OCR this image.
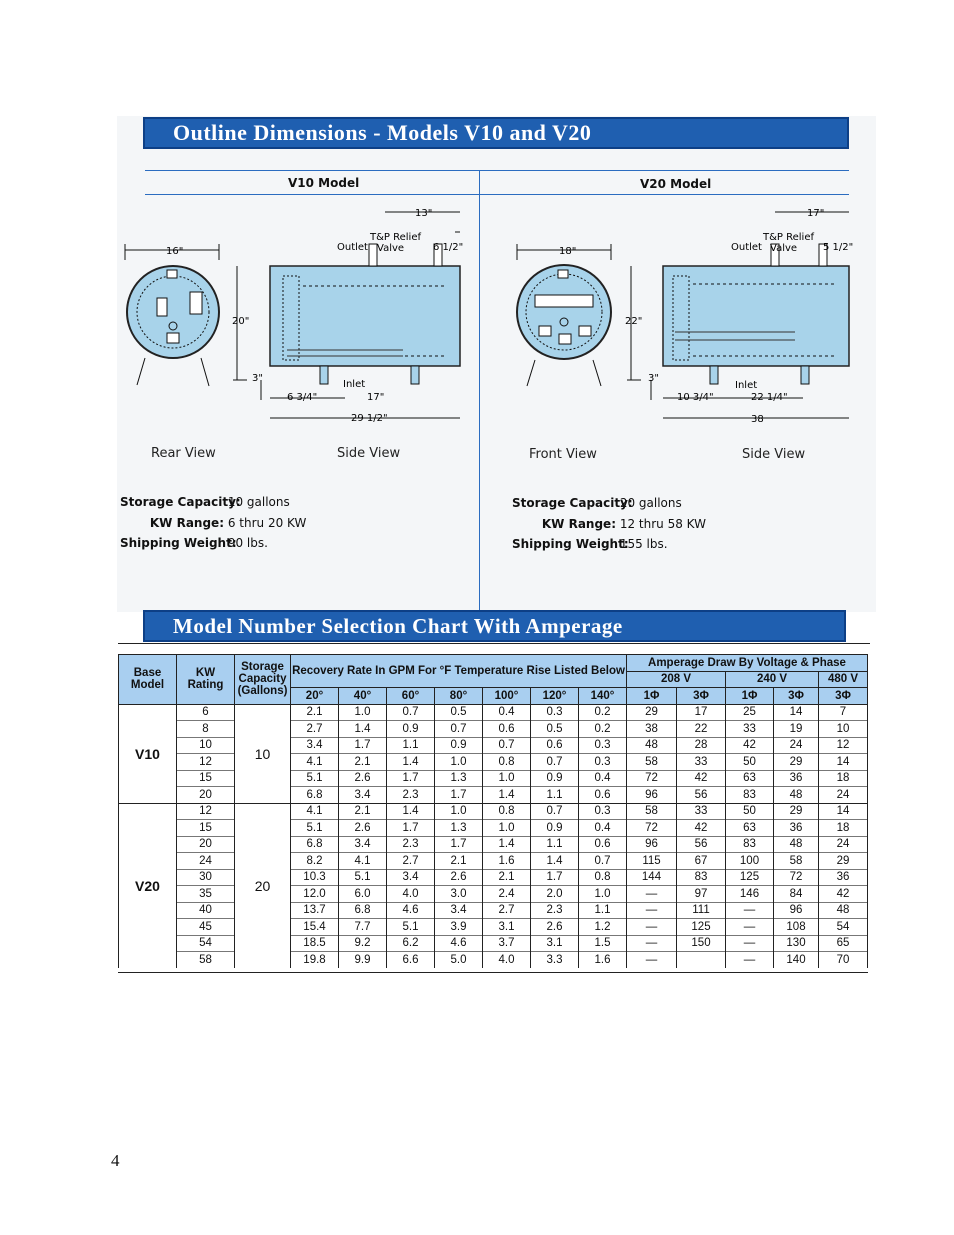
Outline Dimensions - Models V10 and V20
V10 Model	V20 Model
16"
20"
3"
13"
Outlet
T&P Relief
Valve	6 1/2"
Inlet
6 3/4"	17"
29 1/2"
18"
22"
3"
17"
Outlet
T&P Relief
Valve	5 1/2"
Inlet
10 3/4"	22 1/4"
38
Rear View	Side View	Front View	Side View
Storage Capacity: 10 gallons
KW Range: 6 thru 20 KW
Shipping Weight: 90 lbs.
Storage Capacity: 20 gallons
KW Range: 12 thru 58 KW
Shipping Weight: 155 lbs.
Model Number Selection Chart With Amperage
Base Model	KW Rating	Storage Capacity (Gallons)	Recovery Rate In GPM For °F Temperature Rise Listed Below							Amperage Draw By Voltage & Phase				
										208 V		240 V		480 V
			20°	40°	60°	80°	100°	120°	140°	1Φ	3Φ	1Φ	3Φ	3Φ
V10	6	10	2.1	1.0	0.7	0.5	0.4	0.3	0.2	29	17	25	14	7
	8		2.7	1.4	0.9	0.7	0.6	0.5	0.2	38	22	33	19	10
	10		3.4	1.7	1.1	0.9	0.7	0.6	0.3	48	28	42	24	12
	12		4.1	2.1	1.4	1.0	0.8	0.7	0.3	58	33	50	29	14
	15		5.1	2.6	1.7	1.3	1.0	0.9	0.4	72	42	63	36	18
	20		6.8	3.4	2.3	1.7	1.4	1.1	0.6	96	56	83	48	24
V20	12	20	4.1	2.1	1.4	1.0	0.8	0.7	0.3	58	33	50	29	14
	15		5.1	2.6	1.7	1.3	1.0	0.9	0.4	72	42	63	36	18
	20		6.8	3.4	2.3	1.7	1.4	1.1	0.6	96	56	83	48	24
	24		8.2	4.1	2.7	2.1	1.6	1.4	0.7	115	67	100	58	29
	30		10.3	5.1	3.4	2.6	2.1	1.7	0.8	144	83	125	72	36
	35		12.0	6.0	4.0	3.0	2.4	2.0	1.0	—	97	146	84	42
	40		13.7	6.8	4.6	3.4	2.7	2.3	1.1	—	111	—	96	48
	45		15.4	7.7	5.1	3.9	3.1	2.6	1.2	—	125	—	108	54
	54		18.5	9.2	6.2	4.6	3.7	3.1	1.5	—	150	—	130	65
	58		19.8	9.9	6.6	5.0	4.0	3.3	1.6	—		—	140	70
4
